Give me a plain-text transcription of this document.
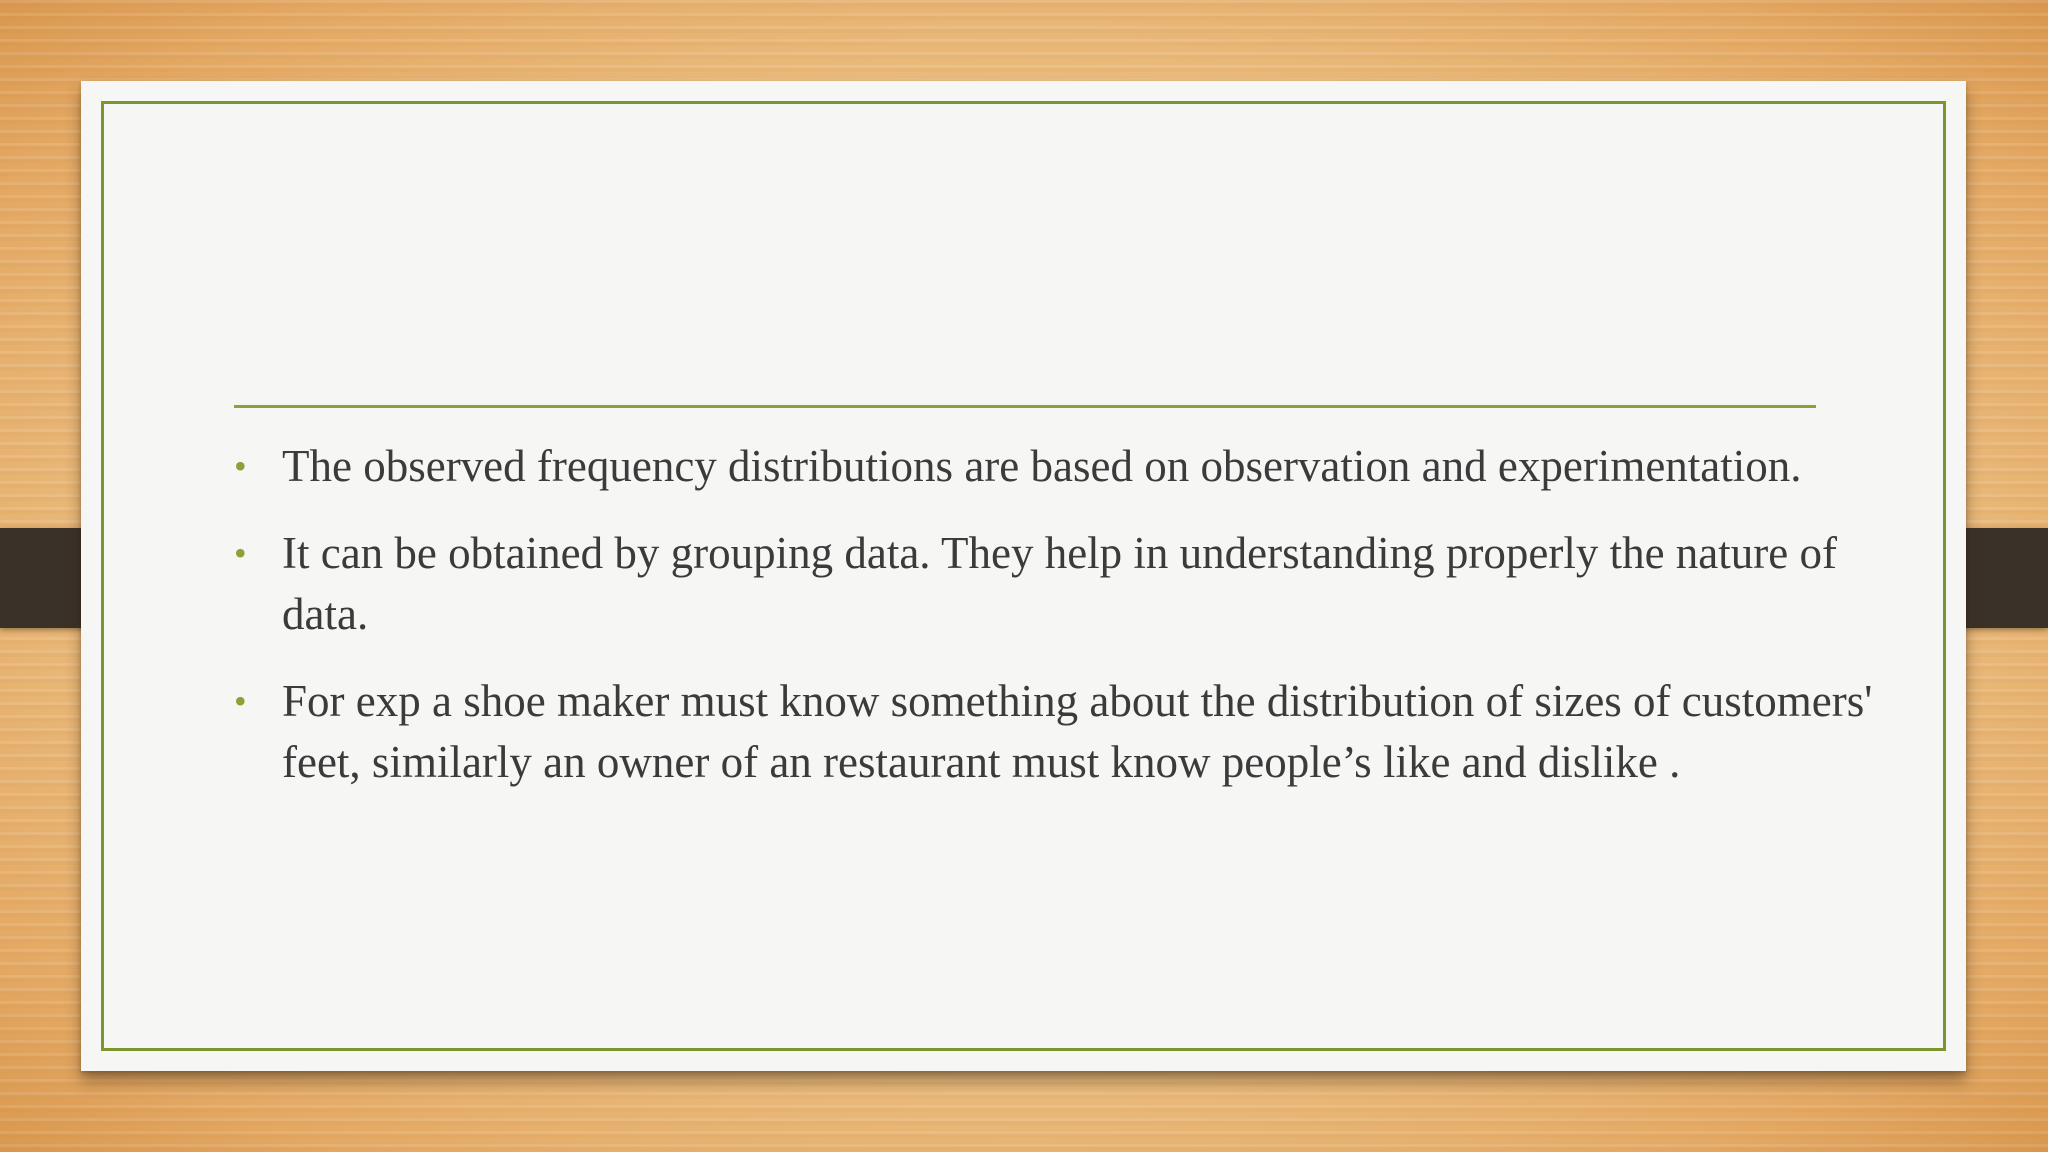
• The observed frequency distributions are based on observation and experimentation.
• It can be obtained by grouping data. They help in understanding properly the nature of data.
• For exp a shoe maker must know something about the distribution of sizes of customers' feet, similarly an owner of an restaurant must know people’s like and dislike .
